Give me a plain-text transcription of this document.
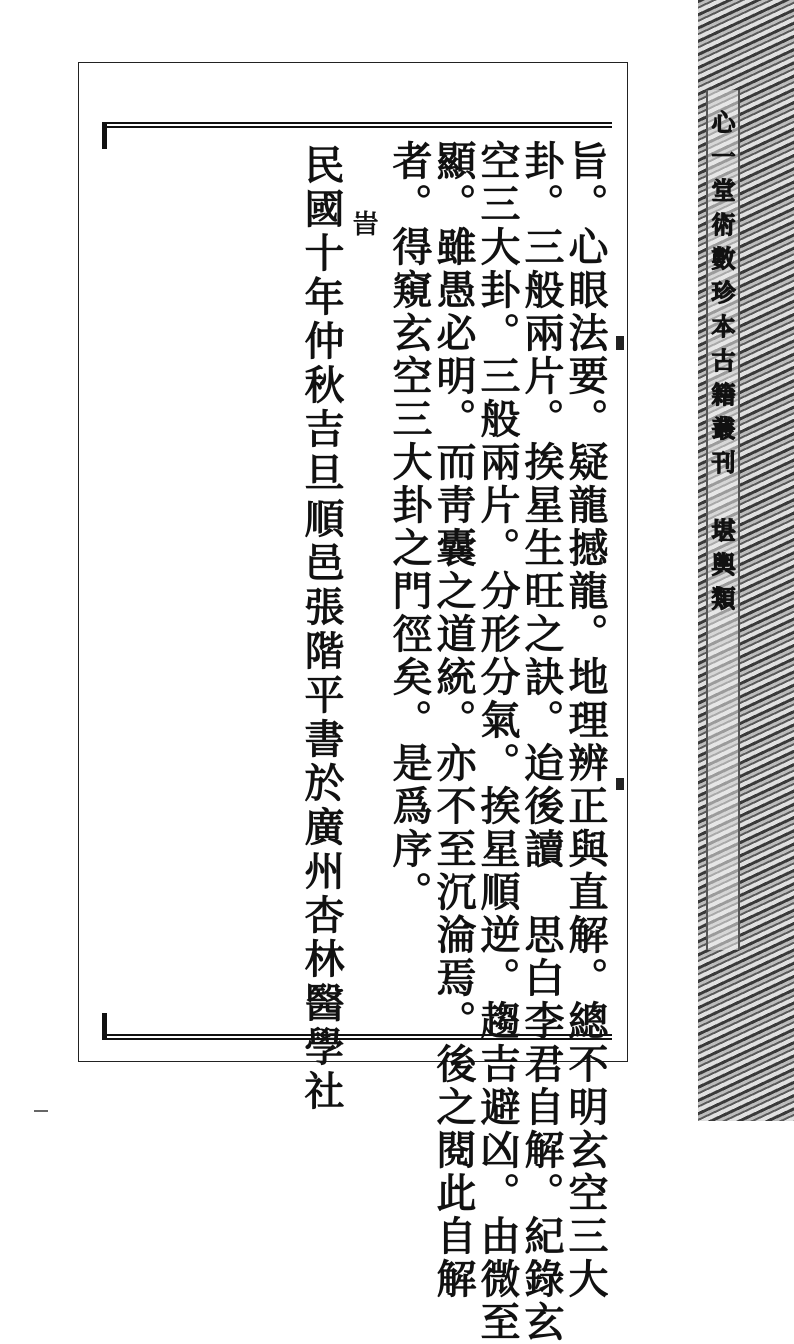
旨。心眼法要。疑龍撼龍。地理辨正與直解。總不明玄空三大
卦。三般兩片。挨星生旺之訣。迨後讀　思白李君自解。紀錄玄
空三大卦。三般兩片。分形分氣。挨星順逆。趨吉避凶。由微至
顯。雖愚必明。而靑囊之道統。亦不至沉淪焉。後之閱此自解
者。得窺玄空三大卦之門徑矣。是爲序。
旹
民國十年仲秋吉旦
順邑張階平書於廣州杏林醫學社
心一堂術數珍本古籍叢刊　堪輿類
